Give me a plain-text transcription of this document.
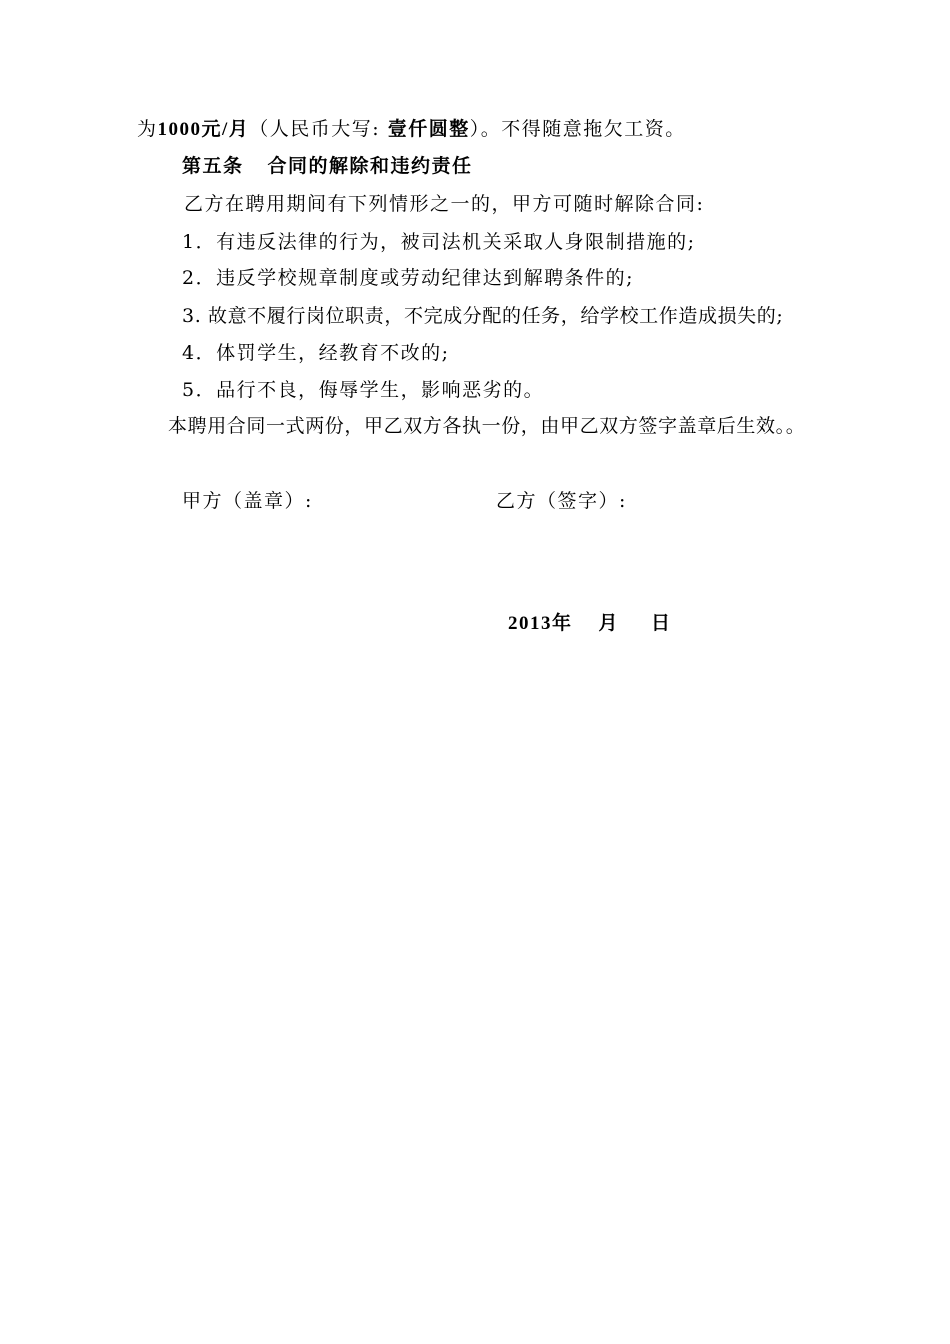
为1000元/月（人民币大写: 壹仟圆整）。不得随意拖欠工资。
第五条 合同的解除和违约责任
乙方在聘用期间有下列情形之一的，甲方可随时解除合同:
1．有违反法律的行为，被司法机关采取人身限制措施的;
2．违反学校规章制度或劳动纪律达到解聘条件的;
3. 故意不履行岗位职责，不完成分配的任务，给学校工作造成损失的;
4．体罚学生，经教育不改的;
5．品行不良，侮辱学生，影响恶劣的。
本聘用合同一式两份，甲乙双方各执一份，由甲乙双方签字盖章后生效。。
甲方（盖章）:	乙方（签字）:
2013年 月 日
